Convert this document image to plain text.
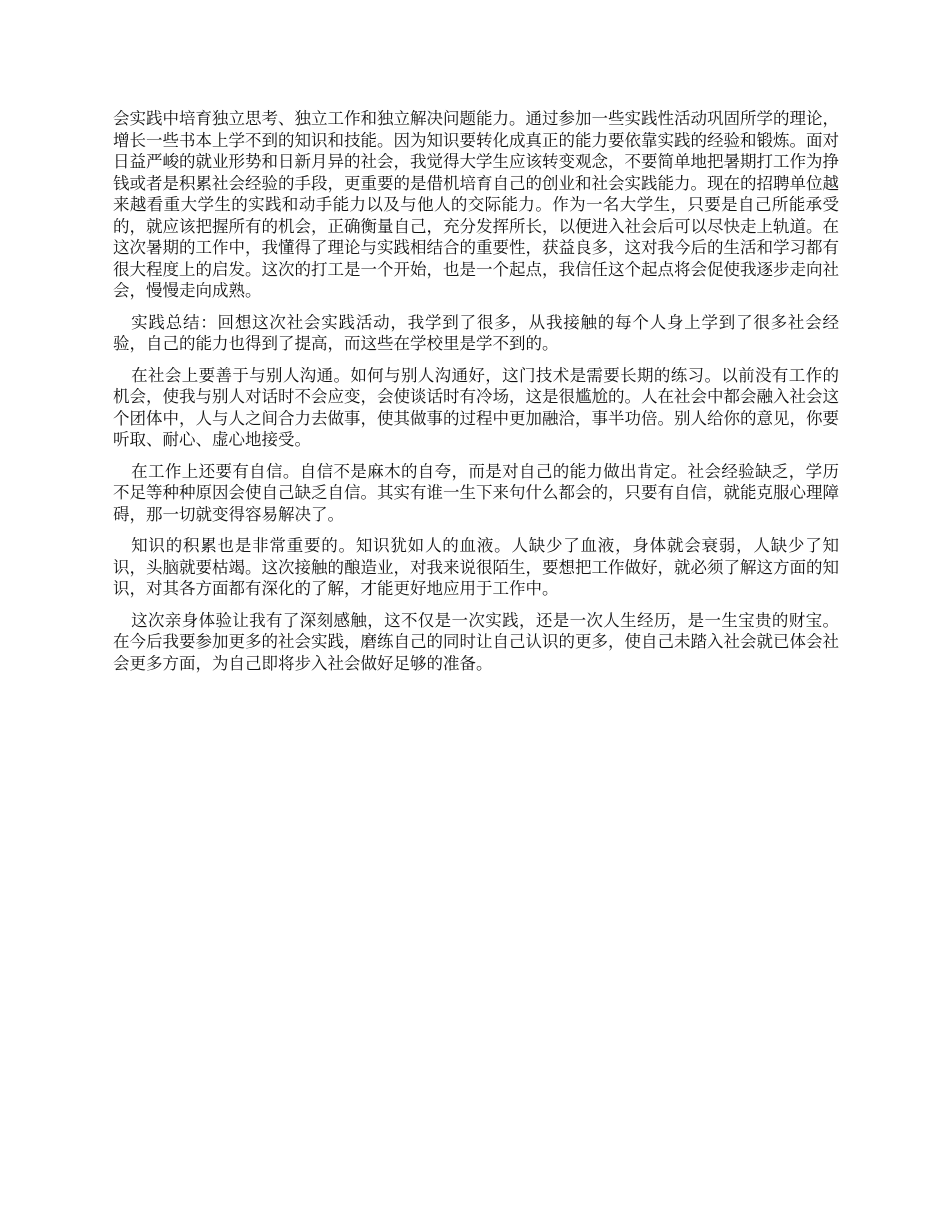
会实践中培育独立思考、独立工作和独立解决问题能力。通过参加一些实践性活动巩固所学的理论，增长一些书本上学不到的知识和技能。因为知识要转化成真正的能力要依靠实践的经验和锻炼。面对日益严峻的就业形势和日新月异的社会，我觉得大学生应该转变观念，不要简单地把暑期打工作为挣钱或者是积累社会经验的手段，更重要的是借机培育自己的创业和社会实践能力。现在的招聘单位越来越看重大学生的实践和动手能力以及与他人的交际能力。作为一名大学生，只要是自己所能承受的，就应该把握所有的机会，正确衡量自己，充分发挥所长，以便进入社会后可以尽快走上轨道。在这次暑期的工作中，我懂得了理论与实践相结合的重要性，获益良多，这对我今后的生活和学习都有很大程度上的启发。这次的打工是一个开始，也是一个起点，我信任这个起点将会促使我逐步走向社会，慢慢走向成熟。

实践总结：回想这次社会实践活动，我学到了很多，从我接触的每个人身上学到了很多社会经验，自己的能力也得到了提高，而这些在学校里是学不到的。

在社会上要善于与别人沟通。如何与别人沟通好，这门技术是需要长期的练习。以前没有工作的机会，使我与别人对话时不会应变，会使谈话时有冷场，这是很尴尬的。人在社会中都会融入社会这个团体中，人与人之间合力去做事，使其做事的过程中更加融洽，事半功倍。别人给你的意见，你要听取、耐心、虚心地接受。

在工作上还要有自信。自信不是麻木的自夸，而是对自己的能力做出肯定。社会经验缺乏，学历不足等种种原因会使自己缺乏自信。其实有谁一生下来句什么都会的，只要有自信，就能克服心理障碍，那一切就变得容易解决了。

知识的积累也是非常重要的。知识犹如人的血液。人缺少了血液，身体就会衰弱，人缺少了知识，头脑就要枯竭。这次接触的酿造业，对我来说很陌生，要想把工作做好，就必须了解这方面的知识，对其各方面都有深化的了解，才能更好地应用于工作中。

这次亲身体验让我有了深刻感触，这不仅是一次实践，还是一次人生经历，是一生宝贵的财宝。在今后我要参加更多的社会实践，磨练自己的同时让自己认识的更多，使自己未踏入社会就已体会社会更多方面，为自己即将步入社会做好足够的准备。
